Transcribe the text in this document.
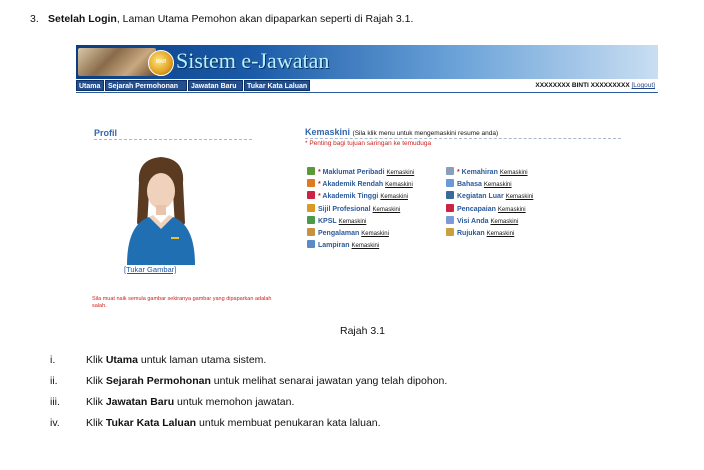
3. Setelah Login, Laman Utama Pemohon akan dipaparkan seperti di Rajah 3.1.
MAB Sistem e-Jawatan
Utama	Sejarah Permohonan	Jawatan Baru	Tukar Kata Laluan	XXXXXXXX BINTI XXXXXXXXX [Logout]
Profil
[Tukar Gambar]
Sila muat naik semula gambar sekiranya gambar yang dipaparkan adalah salah.
Kemaskini (Sila klik menu untuk mengemaskini resume anda)
* Penting bagi tujuan saringan ke temuduga
* Maklumat Peribadi Kemaskini
* Akademik Rendah Kemaskini
* Akademik Tinggi Kemaskini
Sijil Profesional Kemaskini
KPSL Kemaskini
Pengalaman Kemaskini
Lampiran Kemaskini
* Kemahiran Kemaskini
Bahasa Kemaskini
Kegiatan Luar Kemaskini
Pencapaian Kemaskini
Visi Anda Kemaskini
Rujukan Kemaskini
Rajah 3.1
i.	Klik Utama untuk laman utama sistem.
ii.	Klik Sejarah Permohonan untuk melihat senarai jawatan yang telah dipohon.
iii. Klik Jawatan Baru untuk memohon jawatan.
iv.	Klik Tukar Kata Laluan untuk membuat penukaran kata laluan.
